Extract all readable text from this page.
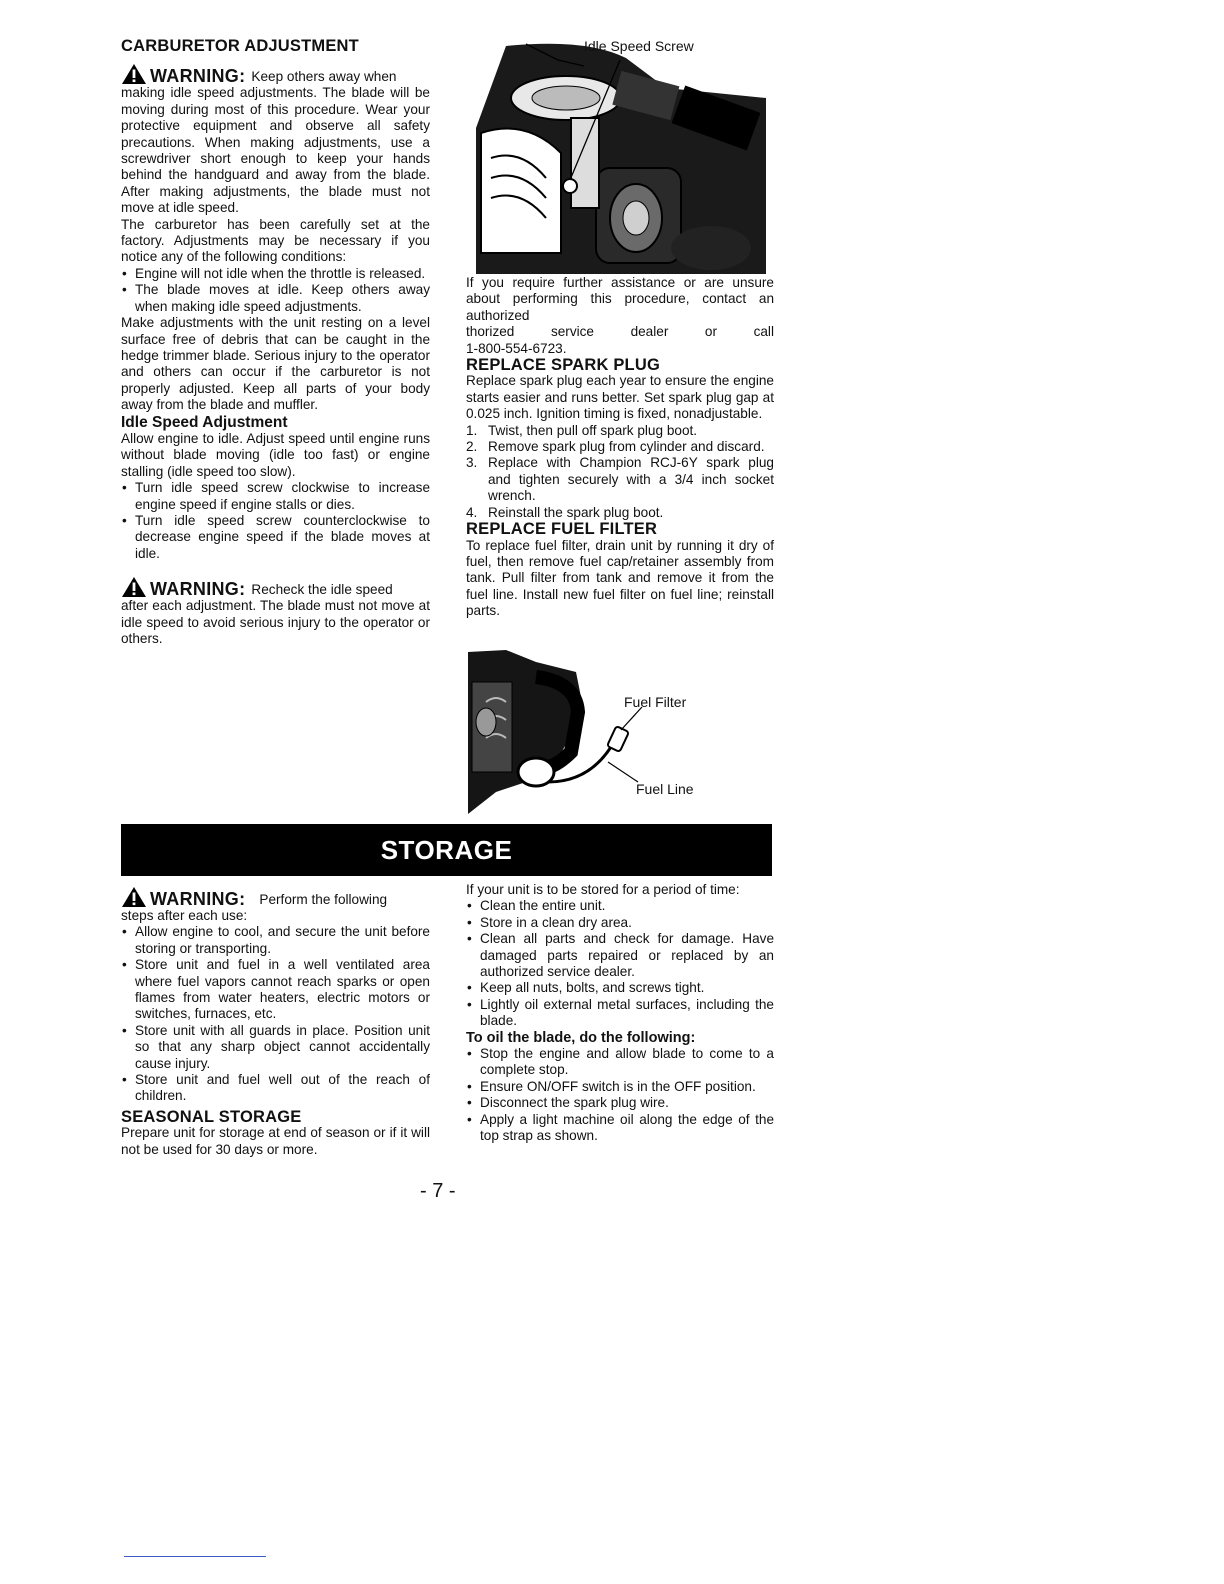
CARBURETOR ADJUSTMENT
WARNING: Keep others away when

making idle speed adjustments. The blade will be moving during most of this procedure. Wear your protective equipment and observe all safety precautions. When making adjustments, use a screwdriver short enough to keep your hands behind the handguard and away from the blade. After making adjustments, the blade must not move at idle speed.

The carburetor has been carefully set at the factory. Adjustments may be necessary if you notice any of the following conditions:

• Engine will not idle when the throttle is released.
• The blade moves at idle. Keep others away when making idle speed adjustments.

Make adjustments with the unit resting on a level surface free of debris that can be caught in the hedge trimmer blade. Serious injury to the operator and others can occur if the carburetor is not properly adjusted. Keep all parts of your body away from the blade and muffler.

Idle Speed Adjustment

Allow engine to idle. Adjust speed until engine runs without blade moving (idle too fast) or engine stalling (idle speed too slow).

• Turn idle speed screw clockwise to increase engine speed if engine stalls or dies.
• Turn idle speed screw counterclockwise to decrease engine speed if the blade moves at idle.
WARNING: Recheck the idle speed

after each adjustment. The blade must not move at idle speed to avoid serious injury to the operator or others.

Idle Speed Screw

If you require further assistance or are unsure about performing this procedure, contact an authorized

thorized	service	dealer	or	call

1-800-554-6723.

REPLACE SPARK PLUG

Replace spark plug each year to ensure the engine starts easier and runs better. Set spark plug gap at 0.025 inch. Ignition timing is fixed, nonadjustable.

1. Twist, then pull off spark plug boot.
2. Remove spark plug from cylinder and discard.
3. Replace with Champion RCJ-6Y spark plug and tighten securely with a 3/4 inch socket wrench.
4. Reinstall the spark plug boot.
REPLACE FUEL FILTER

To replace fuel filter, drain unit by running it dry of fuel, then remove fuel cap/retainer assembly from tank. Pull filter from tank and remove it from the fuel line. Install new fuel filter on fuel line; reinstall parts.

Fuel Filter
Fuel Line
STORAGE
WARNING: Perform the following

steps after each use:

• Allow engine to cool, and secure the unit before storing or transporting.
• Store unit and fuel in a well ventilated area where fuel vapors cannot reach sparks or open flames from water heaters, electric motors or switches, furnaces, etc.
• Store unit with all guards in place. Position unit so that any sharp object cannot accidentally cause injury.
• Store unit and fuel well out of the reach of children.
SEASONAL STORAGE

Prepare unit for storage at end of season or if it will not be used for 30 days or more.

If your unit is to be stored for a period of time:

• Clean the entire unit.
• Store in a clean dry area.
• Clean all parts and check for damage. Have damaged parts repaired or replaced by an authorized service dealer.
• Keep all nuts, bolts, and screws tight.
• Lightly oil external metal surfaces, including the blade.

To oil the blade, do the following:

• Stop the engine and allow blade to come to a complete stop.
• Ensure ON/OFF switch is in the OFF position.
• Disconnect the spark plug wire.
• Apply a light machine oil along the edge of the top strap as shown.
- 7 -
